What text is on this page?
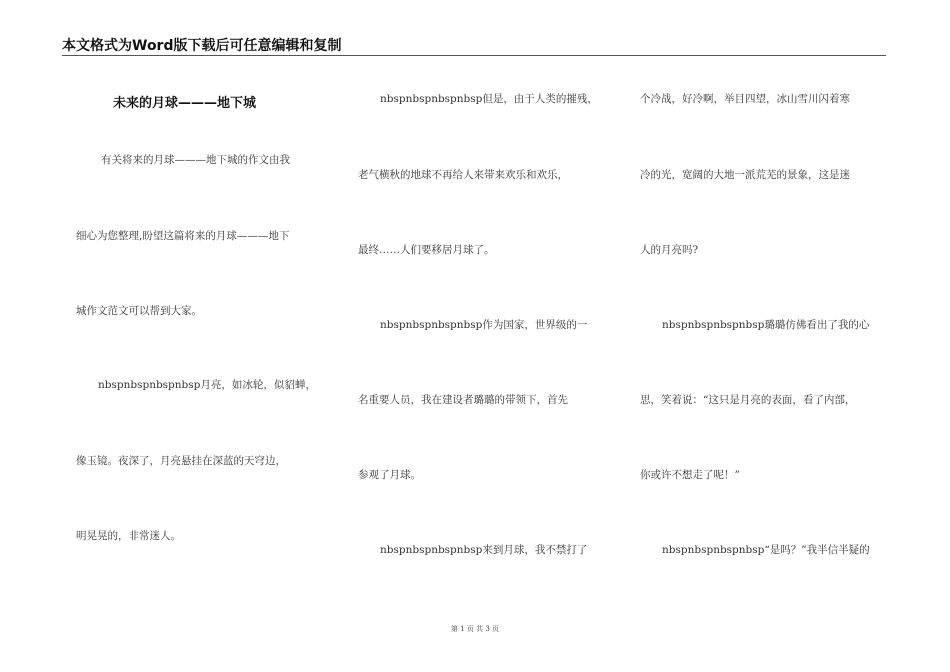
本文格式为Word版下载后可任意编辑和复制
未来的月球———地下城
有关将来的月球———地下城的作文由我
细心为您整理,盼望这篇将来的月球———地下
城作文范文可以帮到大家。
nbspnbspnbspnbsp月亮，如冰轮，似貂蝉，
像玉镜。夜深了，月亮悬挂在深蓝的天穹边，
明晃晃的，非常迷人。
nbspnbspnbspnbsp但是，由于人类的摧残，
老气横秋的地球不再给人来带来欢乐和欢乐，
最终……人们要移居月球了。
nbspnbspnbspnbsp作为国家，世界级的一
名重要人员，我在建设者璐璐的带领下，首先
参观了月球。
nbspnbspnbspnbsp来到月球，我不禁打了
个冷战，好冷啊，举目四望，冰山雪川闪着寒
冷的光，宽阔的大地一派荒芜的景象，这是迷
人的月亮吗?
nbspnbspnbspnbsp璐璐仿佛看出了我的心
思，笑着说：“这只是月亮的表面，看了内部，
你或许不想走了呢！”
nbspnbspnbspnbsp“是吗？”我半信半疑的
第 1 页 共 3 页
